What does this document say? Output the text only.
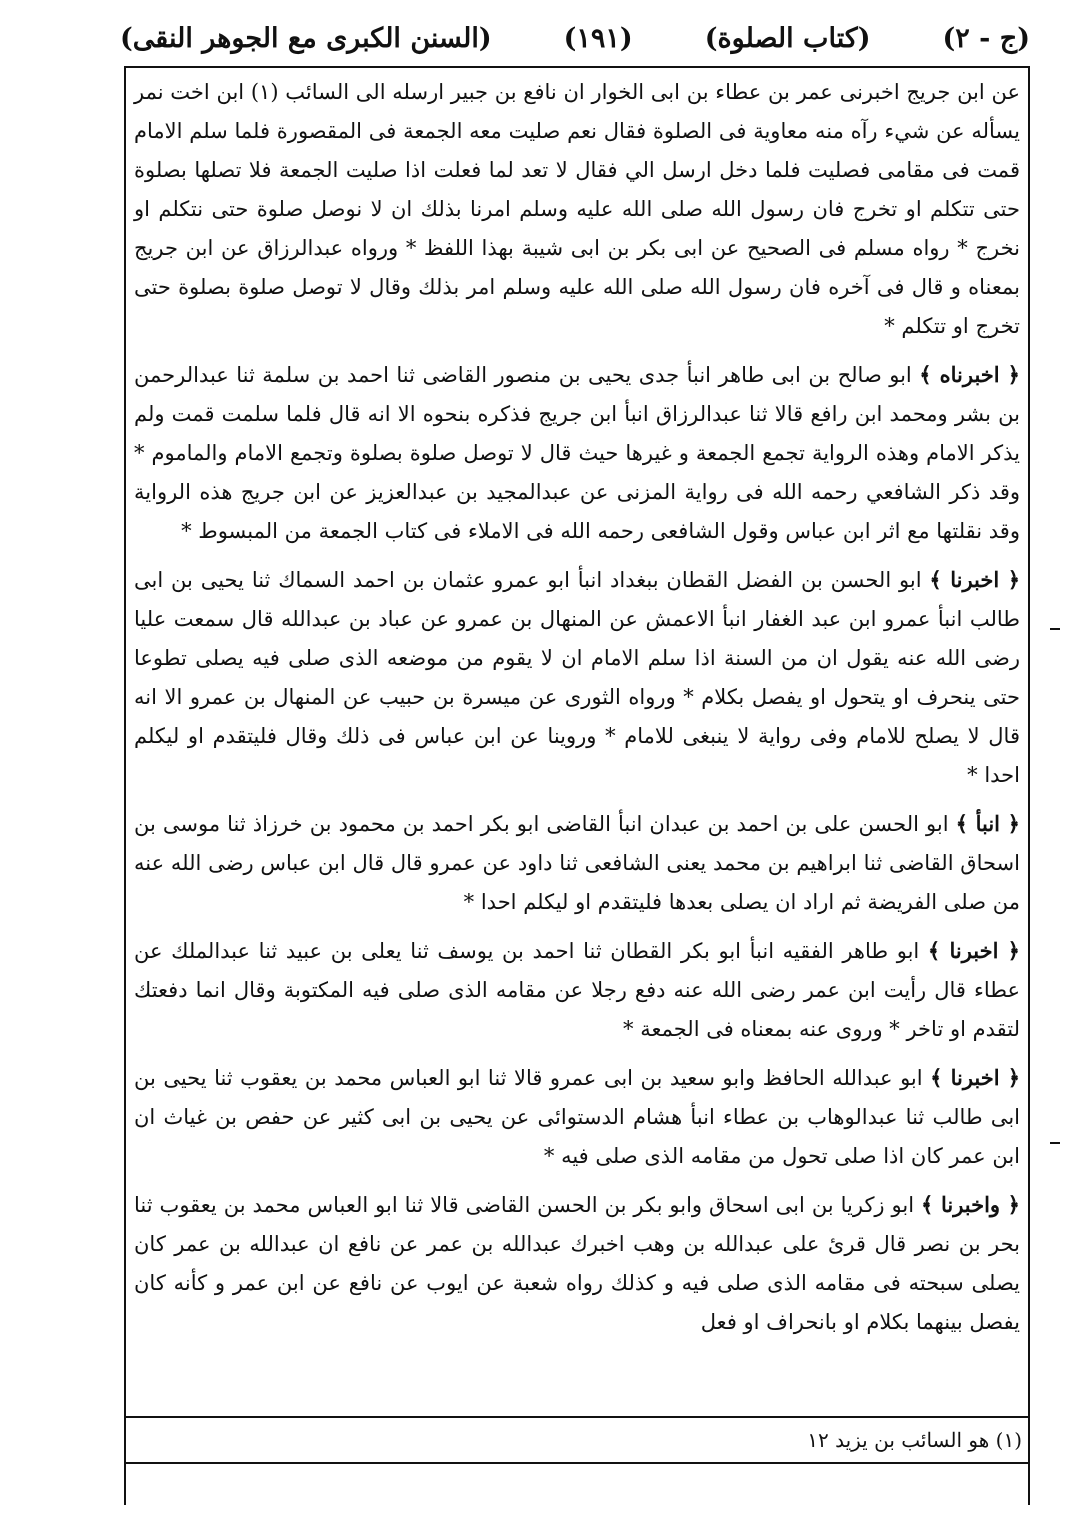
(السنن الكبرى مع الجوهر النقى)	(١٩١)	(كتاب الصلوة)	(ج - ٢)

عن ابن جريج اخبرنى عمر بن عطاء بن ابى الخوار ان نافع بن جبير ارسله الى السائب (١) ابن اخت نمر يسأله عن شيء رآه منه معاوية فى الصلوة فقال نعم صليت معه الجمعة فى المقصورة فلما سلم الامام قمت فى مقامى فصليت فلما دخل ارسل الي فقال لا تعد لما فعلت اذا صليت الجمعة فلا تصلها بصلوة حتى تتكلم او تخرج فان رسول الله صلى الله عليه وسلم امرنا بذلك ان لا نوصل صلوة حتى نتكلم او نخرج * رواه مسلم فى الصحيح عن ابى بكر بن ابى شيبة بهذا اللفظ * ورواه عبدالرزاق عن ابن جريج بمعناه و قال فى آخره فان رسول الله صلى الله عليه وسلم امر بذلك وقال لا توصل صلوة بصلوة حتى تخرج او تتكلم *

﴿ اخبرناه ﴾ ابو صالح بن ابى طاهر انبأ جدى يحيى بن منصور القاضى ثنا احمد بن سلمة ثنا عبدالرحمن بن بشر ومحمد ابن رافع قالا ثنا عبدالرزاق انبأ ابن جريج فذكره بنحوه الا انه قال فلما سلمت قمت ولم يذكر الامام وهذه الرواية تجمع الجمعة و غيرها حيث قال لا توصل صلوة بصلوة وتجمع الامام والماموم * وقد ذكر الشافعي رحمه الله فى رواية المزنى عن عبدالمجيد بن عبدالعزيز عن ابن جريج هذه الرواية وقد نقلتها مع اثر ابن عباس وقول الشافعى رحمه الله فى الاملاء فى كتاب الجمعة من المبسوط *

﴿ اخبرنا ﴾ ابو الحسن بن الفضل القطان ببغداد انبأ ابو عمرو عثمان بن احمد السماك ثنا يحيى بن ابى طالب انبأ عمرو ابن عبد الغفار انبأ الاعمش عن المنهال بن عمرو عن عباد بن عبدالله قال سمعت عليا رضى الله عنه يقول ان من السنة اذا سلم الامام ان لا يقوم من موضعه الذى صلى فيه يصلى تطوعا حتى ينحرف او يتحول او يفصل بكلام * ورواه الثورى عن ميسرة بن حبيب عن المنهال بن عمرو الا انه قال لا يصلح للامام وفى رواية لا ينبغى للامام * وروينا عن ابن عباس فى ذلك وقال فليتقدم او ليكلم احدا *

﴿ انبأ ﴾ ابو الحسن على بن احمد بن عبدان انبأ القاضى ابو بكر احمد بن محمود بن خرزاذ ثنا موسى بن اسحاق القاضى ثنا ابراهيم بن محمد يعنى الشافعى ثنا داود عن عمرو قال قال ابن عباس رضى الله عنه من صلى الفريضة ثم اراد ان يصلى بعدها فليتقدم او ليكلم احدا *

﴿ اخبرنا ﴾ ابو طاهر الفقيه انبأ ابو بكر القطان ثنا احمد بن يوسف ثنا يعلى بن عبيد ثنا عبدالملك عن عطاء قال رأيت ابن عمر رضى الله عنه دفع رجلا عن مقامه الذى صلى فيه المكتوبة وقال انما دفعتك لتقدم او تاخر * وروى عنه بمعناه فى الجمعة *

﴿ اخبرنا ﴾ ابو عبدالله الحافظ وابو سعيد بن ابى عمرو قالا ثنا ابو العباس محمد بن يعقوب ثنا يحيى بن ابى طالب ثنا عبدالوهاب بن عطاء انبأ هشام الدستوائى عن يحيى بن ابى كثير عن حفص بن غياث ان ابن عمر كان اذا صلى تحول من مقامه الذى صلى فيه *

﴿ واخبرنا ﴾ ابو زكريا بن ابى اسحاق وابو بكر بن الحسن القاضى قالا ثنا ابو العباس محمد بن يعقوب ثنا بحر بن نصر قال قرئ على عبدالله بن وهب اخبرك عبدالله بن عمر عن نافع ان عبدالله بن عمر كان يصلى سبحته فى مقامه الذى صلى فيه و كذلك رواه شعبة عن ايوب عن نافع عن ابن عمر و كأنه كان يفصل بينهما بكلام او بانحراف او فعل

(١) هو السائب بن يزيد ١٢
